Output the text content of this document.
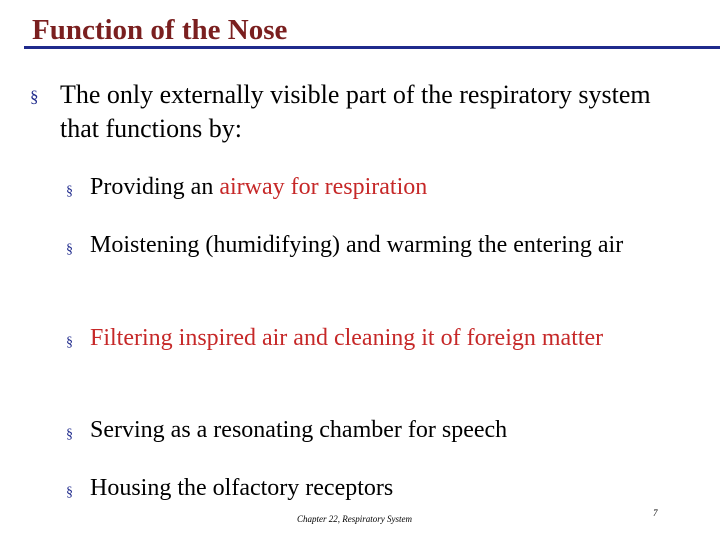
Function of the Nose
§ The only externally visible part of the respiratory system that functions by:
§ Providing an airway for respiration
§ Moistening (humidifying) and warming the entering air
§ Filtering inspired air and cleaning it of foreign matter
§ Serving as a resonating chamber for speech
§ Housing the olfactory receptors
Chapter 22, Respiratory System
7
